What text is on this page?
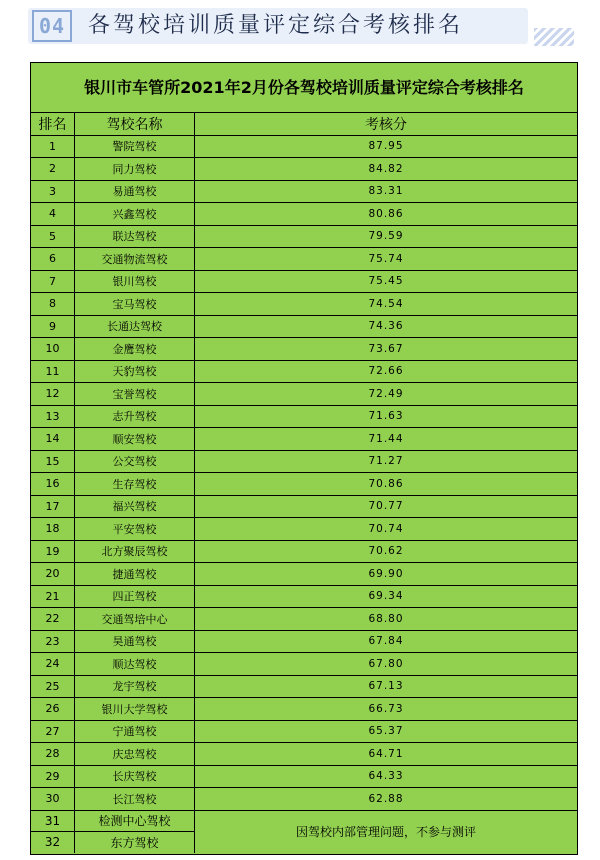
04	各驾校培训质量评定综合考核排名
银川市车管所2021年2月份各驾校培训质量评定综合考核排名
排名	驾校名称	考核分
1	警院驾校	87.95
2	同力驾校	84.82
3	易通驾校	83.31
4	兴鑫驾校	80.86
5	联达驾校	79.59
6	交通物流驾校	75.74
7	银川驾校	75.45
8	宝马驾校	74.54
9	长通达驾校	74.36
10	金鹰驾校	73.67
11	天豹驾校	72.66
12	宝誉驾校	72.49
13	志升驾校	71.63
14	顺安驾校	71.44
15	公交驾校	71.27
16	生存驾校	70.86
17	福兴驾校	70.77
18	平安驾校	70.74
19	北方聚辰驾校	70.62
20	捷通驾校	69.90
21	四正驾校	69.34
22	交通驾培中心	68.80
23	昊通驾校	67.84
24	顺达驾校	67.80
25	龙宇驾校	67.13
26	银川大学驾校	66.73
27	宁通驾校	65.37
28	庆忠驾校	64.71
29	长庆驾校	64.33
30	长江驾校	62.88
31	检测中心驾校
32	东方驾校
因驾校内部管理问题，不参与测评
